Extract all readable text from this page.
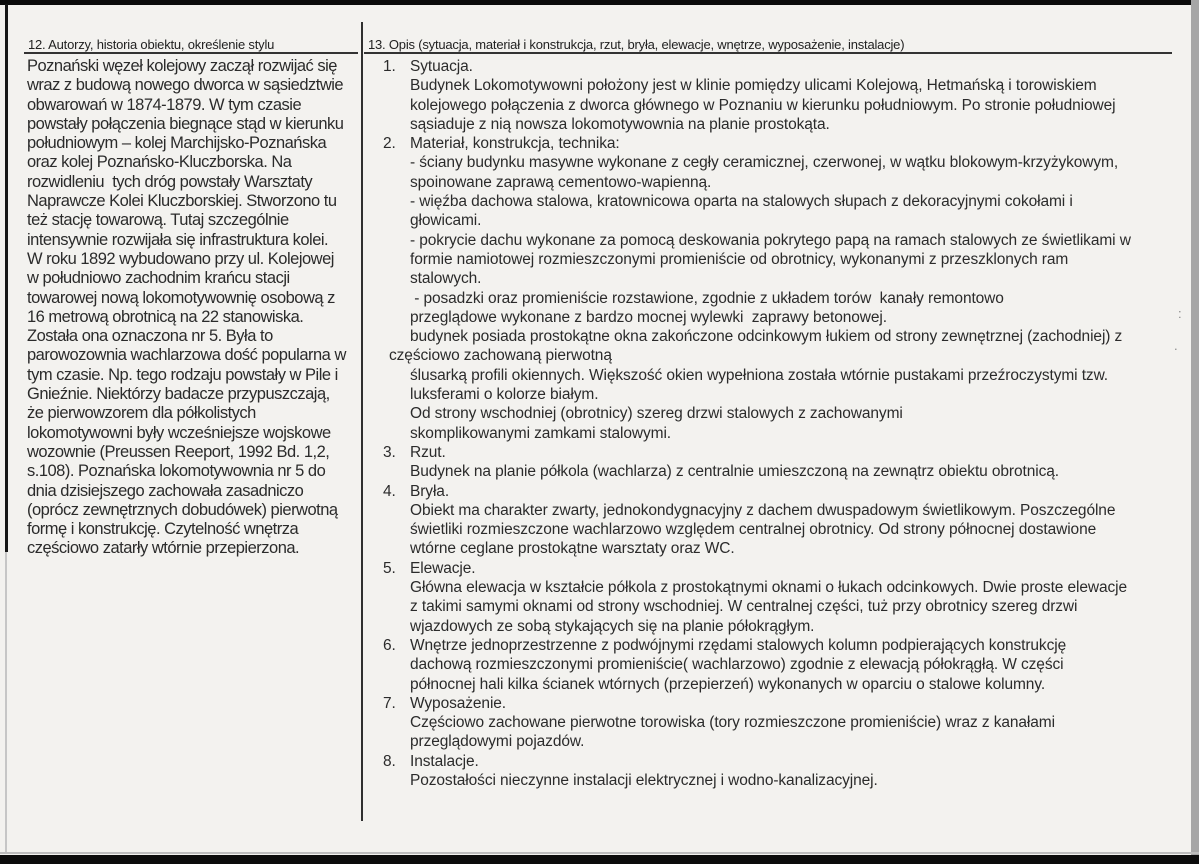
12. Autorzy, historia obiektu, określenie stylu	13. Opis (sytuacja, materiał i konstrukcja, rzut, bryła, elewacje, wnętrze, wyposażenie, instalacje)
Poznański węzeł kolejowy zaczął rozwijać się
wraz z budową nowego dworca w sąsiedztwie
obwarowań w 1874-1879. W tym czasie
powstały połączenia biegnące stąd w kierunku
południowym – kolej Marchijsko-Poznańska
oraz kolej Poznańsko-Kluczborska. Na
rozwidleniu  tych dróg powstały Warsztaty
Naprawcze Kolei Kluczborskiej. Stworzono tu
też stację towarową. Tutaj szczególnie
intensywnie rozwijała się infrastruktura kolei.
W roku 1892 wybudowano przy ul. Kolejowej
w południowo zachodnim krańcu stacji
towarowej nową lokomotywownię osobową z
16 metrową obrotnicą na 22 stanowiska.
Została ona oznaczona nr 5. Była to
parowozownia wachlarzowa dość popularna w
tym czasie. Np. tego rodzaju powstały w Pile i
Gnieźnie. Niektórzy badacze przypuszczają,
że pierwowzorem dla półkolistych
lokomotywowni były wcześniejsze wojskowe
wozownie (Preussen Reeport, 1992 Bd. 1,2,
s.108). Poznańska lokomotywownia nr 5 do
dnia dzisiejszego zachowała zasadniczo
(oprócz zewnętrznych dobudówek) pierwotną
formę i konstrukcję. Czytelność wnętrza
częściowo zatarły wtórnie przepierzona.
1. Sytuacja.
Budynek Lokomotywowni położony jest w klinie pomiędzy ulicami Kolejową, Hetmańską i torowiskiem
kolejowego połączenia z dworca głównego w Poznaniu w kierunku południowym. Po stronie południowej
sąsiaduje z nią nowsza lokomotywownia na planie prostokąta.
2. Materiał, konstrukcja, technika:
- ściany budynku masywne wykonane z cegły ceramicznej, czerwonej, w wątku blokowym-krzyżykowym,
spoinowane zaprawą cementowo-wapienną.
- więźba dachowa stalowa, kratownicowa oparta na stalowych słupach z dekoracyjnymi cokołami i
głowicami.
- pokrycie dachu wykonane za pomocą deskowania pokrytego papą na ramach stalowych ze świetlikami w
formie namiotowej rozmieszczonymi promieniście od obrotnicy, wykonanymi z przeszklonych ram
stalowych.
- posadzki oraz promieniście rozstawione, zgodnie z układem torów  kanały remontowo
przeglądowe wykonane z bardzo mocnej wylewki  zaprawy betonowej.
budynek posiada prostokątne okna zakończone odcinkowym łukiem od strony zewnętrznej (zachodniej) z
częściowo zachowaną pierwotną
ślusarką profili okiennych. Większość okien wypełniona została wtórnie pustakami przeźroczystymi tzw.
luksferami o kolorze białym.
Od strony wschodniej (obrotnicy) szereg drzwi stalowych z zachowanymi
skomplikowanymi zamkami stalowymi.
3. Rzut.
Budynek na planie półkola (wachlarza) z centralnie umieszczoną na zewnątrz obiektu obrotnicą.
4. Bryła.
Obiekt ma charakter zwarty, jednokondygnacyjny z dachem dwuspadowym świetlikowym. Poszczególne
świetliki rozmieszczone wachlarzowo względem centralnej obrotnicy. Od strony północnej dostawione
wtórne ceglane prostokątne warsztaty oraz WC.
5. Elewacje.
Główna elewacja w kształcie półkola z prostokątnymi oknami o łukach odcinkowych. Dwie proste elewacje
z takimi samymi oknami od strony wschodniej. W centralnej części, tuż przy obrotnicy szereg drzwi
wjazdowych ze sobą stykających się na planie półokrągłym.
6. Wnętrze jednoprzestrzenne z podwójnymi rzędami stalowych kolumn podpierających konstrukcję
dachową rozmieszczonymi promieniście( wachlarzowo) zgodnie z elewacją półokrągłą. W części
północnej hali kilka ścianek wtórnych (przepierzeń) wykonanych w oparciu o stalowe kolumny.
7. Wyposażenie.
Częściowo zachowane pierwotne torowiska (tory rozmieszczone promieniście) wraz z kanałami
przeglądowymi pojazdów.
8. Instalacje.
Pozostałości nieczynne instalacji elektrycznej i wodno-kanalizacyjnej.
:
.
